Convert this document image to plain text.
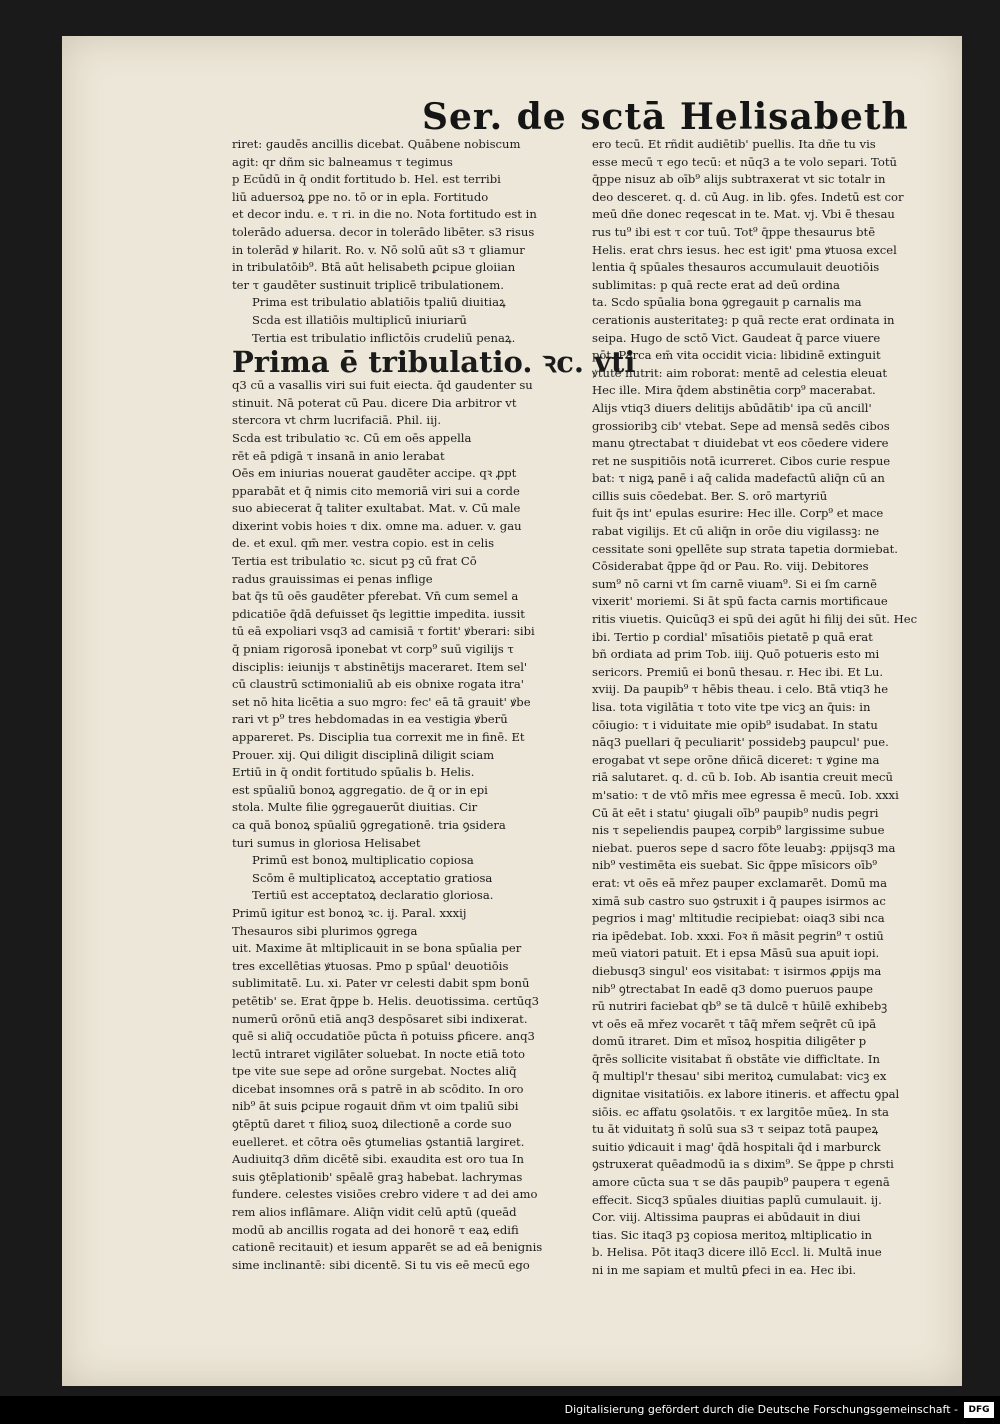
Ser. de sctā Helisabeth
riret: gaudēs ancillis dicebat. Quābene nobiscum
agit: qr dñm sic balneamus τ tegimus
p Ecūdū in q̄ ondit fortitudo b. Hel. est terribi
liū aduersoꝝ ꝑpe no. tō or in epla. Fortitudo
et decor indu. e. τ ri. in die no. Nota fortitudo est in
tolerādo aduersa. decor in tolerādo libēter. s3 risus
in tolerād ꝟ hilarit. Ro. v. Nō solū aūt s3 τ gliamur
in tribulatōib⁹. Btā aūt helisabeth ꝑcipue gloiian
ter τ gaudēter sustinuit triplicē tribulationem.
Prima est tribulatio ablatiōis tpaliū diuitiaꝝ
Scda est illatiōis multiplicū iniuriarū
Tertia est tribulatio inflictōis crudeliū penaꝝ.
Prima ē tribulatio. ꝛc. vti
q3 cū a vasallis viri sui fuit eiecta. q̄d gaudenter su
stinuit. Nā poterat cū Pau. dicere Dia arbitror vt
stercora vt chrm lucrifaciā. Phil. iij.
Scda est tribulatio ꝛc. Cū em oēs appella
rēt eā pdigā τ insanā in anio lerabat
Oēs em iniurias nouerat gaudēter accipe. qꝛ ꝓpt
pparabāt et q̄ nimis cito memoriā viri sui a corde
suo abiecerat q̄ taliter exultabat. Mat. v. Cū male
dixerint vobis hoies τ dix. omne ma. aduer. v. gau
de. et exul. qm̄ mer. vestra copio. est in celis
Tertia est tribulatio ꝛc. sicut pꝫ cū frat Cō
radus grauissimas ei penas inflige
bat q̄s tū oēs gaudēter pferebat. Vn̄ cum semel a
pdicatiōe q̄dā defuisset q̄s legittie impedita. iussit
tū eā expoliari vsq3 ad camisiā τ fortit' ꝟberari: sibi
q̄ pniam rigorosā iponebat vt corp⁹ suū vigilijs τ
disciplis: ieiunijs τ abstinētijs maceraret. Item sel'
cū claustrū sctimonialiū ab eis obnixe rogata itra'
set nō hita licētia a suo mgro: fec' eā tā grauit' ꝟbe
rari vt p⁹ tres hebdomadas in ea vestigia ꝟberū
appareret. Ps. Disciplia tua correxit me in finē. Et
Prouer. xij. Qui diligit disciplinā diligit sciam
Ertiū in q̄ ondit fortitudo spūalis b. Helis.
est spūaliū bonoꝝ aggregatio. de q̄ or in epi
stola. Multe filie ꝯgregauerūt diuitias. Cir
ca quā bonoꝝ spūaliū ꝯgregationē. tria ꝯsidera
turi sumus in gloriosa Helisabet
Primū est bonoꝝ multiplicatio copiosa
Scōm ē multiplicatoꝝ acceptatio gratiosa
Tertiū est acceptatoꝝ declaratio gloriosa.
Primū igitur est bonoꝝ ꝛc. ij. Paral. xxxij
Thesauros sibi plurimos ꝯgrega
uit. Maxime āt mltiplicauit in se bona spūalia per
tres excellētias ꝟtuosas. Pmo p spūal' deuotiōis
sublimitatē. Lu. xi. Pater vr celesti dabit spm bonū
petētib' se. Erat q̄ppe b. Helis. deuotissima. certūq3
numerū orōnū etiā anq3 despōsaret sibi indixerat.
quē si aliq̄ occudatiōe pūcta ñ potuiss ꝑficere. anq3
lectū intraret vigilāter soluebat. In nocte etiā toto
tpe vite sue sepe ad orōne surgebat. Noctes aliq̄
dicebat insomnes orā s patrē in ab scōdito. In oro
nib⁹ āt suis ꝑcipue rogauit dñm vt oim tpaliū sibi
ꝯtēptū daret τ filioꝝ suoꝝ dilectionē a corde suo
euelleret. et cōtra oēs ꝯtumelias ꝯstantiā largiret.
Audiuitq3 dñm dicētē sibi. exaudita est oro tua In
suis ꝯtēplationib' spēalē graꝫ habebat. lachrymas
fundere. celestes visiōes crebro videre τ ad dei amo
rem alios inflāmare. Aliq̄n vidit celū aptū (queād
modū ab ancillis rogata ad dei honorē τ eaꝝ edifi
cationē recitauit) et iesum apparēt se ad eā benignis
sime inclinantē: sibi dicentē. Si tu vis eē mecū ego
ero tecū. Et rñdit audiētib' puellis. Ita dñe tu vis
esse mecū τ ego tecū: et nūq3 a te volo separi. Totū
q̄ppe nisuz ab oīb⁹ alijs subtraxerat vt sic totalr in
deo desceret. q. d. cū Aug. in lib. ꝯfes. Indetū est cor
meū dñe donec reqescat in te. Mat. vj. Vbi ē thesau
rus tu⁹ ibi est τ cor tuū. Tot⁹ q̄ppe thesaurus btē
Helis. erat chrs iesus. hec est igit' pma ꝟtuosa excel
lentia q̄ spūales thesauros accumulauit deuotiōis
sublimitas: p quā recte erat ad deū ordina
ta. Scdo spūalia bona ꝯgregauit p carnalis ma
cerationis austeritateꝫ: p quā recte erat ordinata in
seipa. Hugo de sctō Vict. Gaudeat q̄ parce viuere
pōt. Parca em̄ vita occidit vicia: libidinē extinguit
ꝟtutē nutrit: aim roborat: mentē ad celestia eleuat
Hec ille. Mira q̄dem abstinētia corp⁹ macerabat.
Alijs vtiq3 diuers delitijs abūdātib' ipa cū ancill'
grossioribꝫ cib' vtebat. Sepe ad mensā sedēs cibos
manu ꝯtrectabat τ diuidebat vt eos cōedere videre
ret ne suspitiōis notā icurreret. Cibos curie respue
bat: τ nigꝝ panē i aq̄ calida madefactū aliq̄n cū an
cillis suis cōedebat. Ber. S. orō martyriū
fuit q̄s int' epulas esurire: Hec ille. Corp⁹ et mace
rabat vigilijs. Et cū aliq̄n in orōe diu vigilassꝫ: ne
cessitate soni ꝯpellēte sup strata tapetia dormiebat.
Cōsiderabat q̄ppe q̄d or Pau. Ro. viij. Debitores
sum⁹ nō carni vt ſm carnē viuam⁹. Si ei ſm carnē
vixerit' moriemi. Si āt spū facta carnis mortificaue
ritis viuetis. Quicūq3 ei spū dei agūt hi filij dei sūt. Hec
ibi. Tertio p cordial' mīsatiōis pietatē p quā erat
bñ ordiata ad prim Tob. iiij. Quō potueris esto mi
sericors. Premiū ei bonū thesau. r. Hec ibi. Et Lu.
xviij. Da paupib⁹ τ hēbis theau. i celo. Btā vtiq3 he
lisa. tota vigilātia τ toto vite tpe vicꝫ an q̄uis: in
cōiugio: τ i viduitate mie opib⁹ isudabat. In statu
nāq3 puellari q̄ peculiarit' possidebꝫ paupcul' pue.
erogabat vt sepe orōne dñicā diceret: τ ꝟgine ma
riā salutaret. q. d. cū b. Iob. Ab isantia creuit mecū
m'satio: τ de vtō mřis mee egressa ē mecū. Iob. xxxi
Cū āt eēt i statu' ꝯiugali oīb⁹ paupib⁹ nudis pegri
nis τ sepeliendis paupeꝝ corpib⁹ largissime subue
niebat. pueros sepe d sacro fōte leuabꝫ: ꝓpijsq3 ma
nib⁹ vestimēta eis suebat. Sic q̄ppe mīsicors oīb⁹
erat: vt oēs eā mřez pauper exclamarēt. Domū ma
ximā sub castro suo ꝯstruxit i q̄ paupes isirmos ac
pegrios i mag' mltitudie recipiebat: oiaq3 sibi nca
ria ipēdebat. Iob. xxxi. Foꝛ ñ māsit pegrin⁹ τ ostiū
meū viatori patuit. Et i epsa Māsū sua apuit iopi.
diebusq3 singul' eos visitabat: τ isirmos ꝓpijs ma
nib⁹ ꝯtrectabat In eadē q3 domo pueruos paupe
rū nutriri faciebat qb⁹ se tā dulcē τ hūilē exhibebꝫ
vt oēs eā mřez vocarēt τ tāq̄ mřem seq̄rēt cū ipā
domū itraret. Dim et mīsoꝝ hospitia diligēter p
q̄rēs sollicite visitabat ñ obstāte vie difficltate. In
q̄ multipl'r thesau' sibi meritoꝝ cumulabat: vicꝫ ex
dignitae visitatiōis. ex labore itineris. et affectu ꝯpal
siōis. ec affatu ꝯsolatōis. τ ex largitōe mūeꝝ. In sta
tu āt viduitatꝫ ñ solū sua s3 τ seipaz totā paupeꝝ
suitio ꝟdicauit i mag' q̄dā hospitali q̄d i marburck
ꝯstruxerat quēadmodū ia s dixim⁹. Se q̄ppe p chrsti
amore cūcta sua τ se dās paupib⁹ paupera τ egenā
effecit. Sicq3 spūales diuitias paplū cumulauit. ij.
Cor. viij. Altissima paupras ei abūdauit in diui
tias. Sic itaq3 pꝫ copiosa meritoꝝ mltiplicatio in
b. Helisa. Pōt itaq3 dicere illō Eccl. li. Multā inue
ni in me sapiam et multū ꝑfeci in ea. Hec ibi.
Digitalisierung gefördert durch die Deutsche Forschungsgemeinschaft -	DFG
